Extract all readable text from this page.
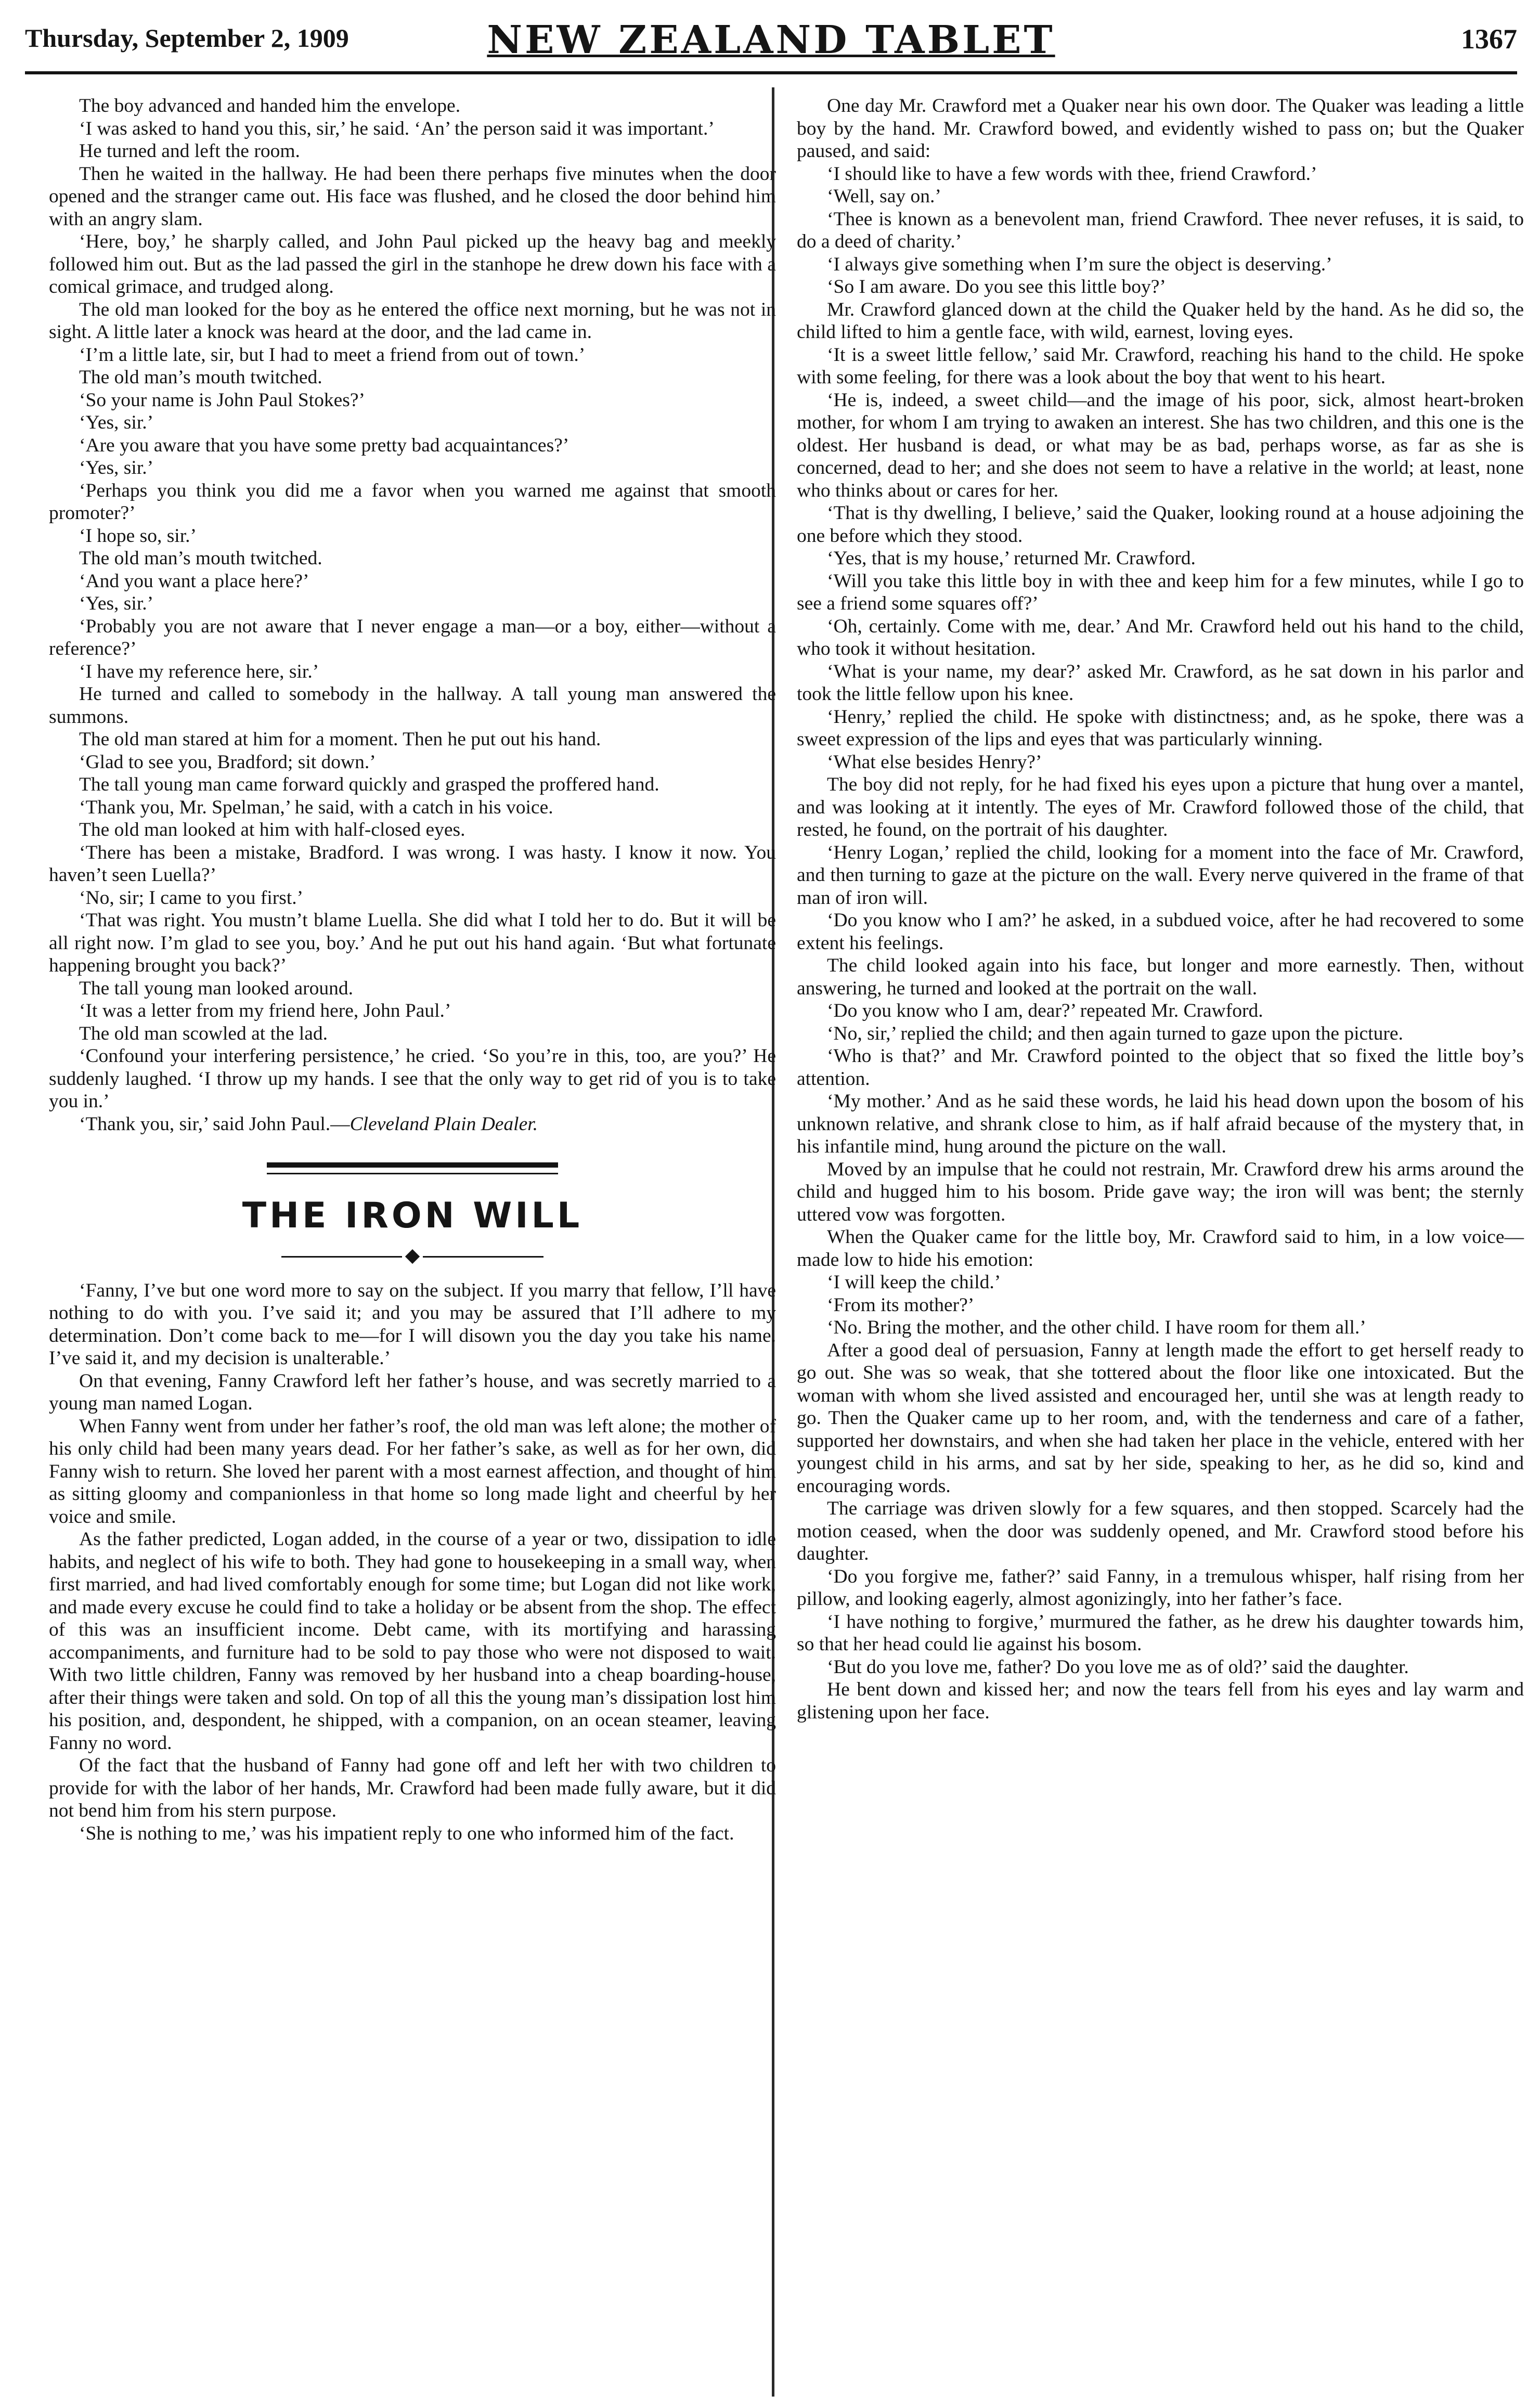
Thursday, September 2, 1909	NEW ZEALAND TABLET	1367

The boy advanced and handed him the envelope.

‘I was asked to hand you this, sir,’ he said. ‘An’ the person said it was important.’

He turned and left the room.

Then he waited in the hallway. He had been there perhaps five minutes when the door opened and the stranger came out. His face was flushed, and he closed the door behind him with an angry slam.

‘Here, boy,’ he sharply called, and John Paul picked up the heavy bag and meekly followed him out. But as the lad passed the girl in the stanhope he drew down his face with a comical grimace, and trudged along.

The old man looked for the boy as he entered the office next morning, but he was not in sight. A little later a knock was heard at the door, and the lad came in.

‘I’m a little late, sir, but I had to meet a friend from out of town.’

The old man’s mouth twitched.

‘So your name is John Paul Stokes?’

‘Yes, sir.’

‘Are you aware that you have some pretty bad acquaintances?’

‘Yes, sir.’

‘Perhaps you think you did me a favor when you warned me against that smooth promoter?’

‘I hope so, sir.’

The old man’s mouth twitched.

‘And you want a place here?’

‘Yes, sir.’

‘Probably you are not aware that I never engage a man—or a boy, either—without a reference?’

‘I have my reference here, sir.’

He turned and called to somebody in the hallway. A tall young man answered the summons.

The old man stared at him for a moment. Then he put out his hand.

‘Glad to see you, Bradford; sit down.’

The tall young man came forward quickly and grasped the proffered hand.

‘Thank you, Mr. Spelman,’ he said, with a catch in his voice.

The old man looked at him with half-closed eyes.

‘There has been a mistake, Bradford. I was wrong. I was hasty. I know it now. You haven’t seen Luella?’

‘No, sir; I came to you first.’

‘That was right. You mustn’t blame Luella. She did what I told her to do. But it will be all right now. I’m glad to see you, boy.’ And he put out his hand again. ‘But what fortunate happening brought you back?’

The tall young man looked around.

‘It was a letter from my friend here, John Paul.’

The old man scowled at the lad.

‘Confound your interfering persistence,’ he cried. ‘So you’re in this, too, are you?’ He suddenly laughed. ‘I throw up my hands. I see that the only way to get rid of you is to take you in.’

‘Thank you, sir,’ said John Paul.—Cleveland Plain Dealer.

THE IRON WILL

‘Fanny, I’ve but one word more to say on the subject. If you marry that fellow, I’ll have nothing to do with you. I’ve said it; and you may be assured that I’ll adhere to my determination. Don’t come back to me—for I will disown you the day you take his name. I’ve said it, and my decision is unalterable.’

On that evening, Fanny Crawford left her father’s house, and was secretly married to a young man named Logan.

When Fanny went from under her father’s roof, the old man was left alone; the mother of his only child had been many years dead. For her father’s sake, as well as for her own, did Fanny wish to return. She loved her parent with a most earnest affection, and thought of him as sitting gloomy and companionless in that home so long made light and cheerful by her voice and smile.

As the father predicted, Logan added, in the course of a year or two, dissipation to idle habits, and neglect of his wife to both. They had gone to housekeeping in a small way, when first married, and had lived comfortably enough for some time; but Logan did not like work, and made every excuse he could find to take a holiday or be absent from the shop. The effect of this was an insufficient income. Debt came, with its mortifying and harassing accompaniments, and furniture had to be sold to pay those who were not disposed to wait. With two little children, Fanny was removed by her husband into a cheap boarding-house, after their things were taken and sold. On top of all this the young man’s dissipation lost him his position, and, despondent, he shipped, with a companion, on an ocean steamer, leaving Fanny no word.

Of the fact that the husband of Fanny had gone off and left her with two children to provide for with the labor of her hands, Mr. Crawford had been made fully aware, but it did not bend him from his stern purpose.

‘She is nothing to me,’ was his impatient reply to one who informed him of the fact.

One day Mr. Crawford met a Quaker near his own door. The Quaker was leading a little boy by the hand. Mr. Crawford bowed, and evidently wished to pass on; but the Quaker paused, and said:

‘I should like to have a few words with thee, friend Crawford.’

‘Well, say on.’

‘Thee is known as a benevolent man, friend Crawford. Thee never refuses, it is said, to do a deed of charity.’

‘I always give something when I’m sure the object is deserving.’

‘So I am aware. Do you see this little boy?’

Mr. Crawford glanced down at the child the Quaker held by the hand. As he did so, the child lifted to him a gentle face, with wild, earnest, loving eyes.

‘It is a sweet little fellow,’ said Mr. Crawford, reaching his hand to the child. He spoke with some feeling, for there was a look about the boy that went to his heart.

‘He is, indeed, a sweet child—and the image of his poor, sick, almost heart-broken mother, for whom I am trying to awaken an interest. She has two children, and this one is the oldest. Her husband is dead, or what may be as bad, perhaps worse, as far as she is concerned, dead to her; and she does not seem to have a relative in the world; at least, none who thinks about or cares for her.

‘That is thy dwelling, I believe,’ said the Quaker, looking round at a house adjoining the one before which they stood.

‘Yes, that is my house,’ returned Mr. Crawford.

‘Will you take this little boy in with thee and keep him for a few minutes, while I go to see a friend some squares off?’

‘Oh, certainly. Come with me, dear.’ And Mr. Crawford held out his hand to the child, who took it without hesitation.

‘What is your name, my dear?’ asked Mr. Crawford, as he sat down in his parlor and took the little fellow upon his knee.

‘Henry,’ replied the child. He spoke with distinctness; and, as he spoke, there was a sweet expression of the lips and eyes that was particularly winning.

‘What else besides Henry?’

The boy did not reply, for he had fixed his eyes upon a picture that hung over a mantel, and was looking at it intently. The eyes of Mr. Crawford followed those of the child, that rested, he found, on the portrait of his daughter.

‘Henry Logan,’ replied the child, looking for a moment into the face of Mr. Crawford, and then turning to gaze at the picture on the wall. Every nerve quivered in the frame of that man of iron will.

‘Do you know who I am?’ he asked, in a subdued voice, after he had recovered to some extent his feelings.

The child looked again into his face, but longer and more earnestly. Then, without answering, he turned and looked at the portrait on the wall.

‘Do you know who I am, dear?’ repeated Mr. Crawford.

‘No, sir,’ replied the child; and then again turned to gaze upon the picture.

‘Who is that?’ and Mr. Crawford pointed to the object that so fixed the little boy’s attention.

‘My mother.’ And as he said these words, he laid his head down upon the bosom of his unknown relative, and shrank close to him, as if half afraid because of the mystery that, in his infantile mind, hung around the picture on the wall.

Moved by an impulse that he could not restrain, Mr. Crawford drew his arms around the child and hugged him to his bosom. Pride gave way; the iron will was bent; the sternly uttered vow was forgotten.

When the Quaker came for the little boy, Mr. Crawford said to him, in a low voice—made low to hide his emotion:

‘I will keep the child.’

‘From its mother?’

‘No. Bring the mother, and the other child. I have room for them all.’

After a good deal of persuasion, Fanny at length made the effort to get herself ready to go out. She was so weak, that she tottered about the floor like one intoxicated. But the woman with whom she lived assisted and encouraged her, until she was at length ready to go. Then the Quaker came up to her room, and, with the tenderness and care of a father, supported her downstairs, and when she had taken her place in the vehicle, entered with her youngest child in his arms, and sat by her side, speaking to her, as he did so, kind and encouraging words.

The carriage was driven slowly for a few squares, and then stopped. Scarcely had the motion ceased, when the door was suddenly opened, and Mr. Crawford stood before his daughter.

‘Do you forgive me, father?’ said Fanny, in a tremulous whisper, half rising from her pillow, and looking eagerly, almost agonizingly, into her father’s face.

‘I have nothing to forgive,’ murmured the father, as he drew his daughter towards him, so that her head could lie against his bosom.

‘But do you love me, father? Do you love me as of old?’ said the daughter.

He bent down and kissed her; and now the tears fell from his eyes and lay warm and glistening upon her face.
